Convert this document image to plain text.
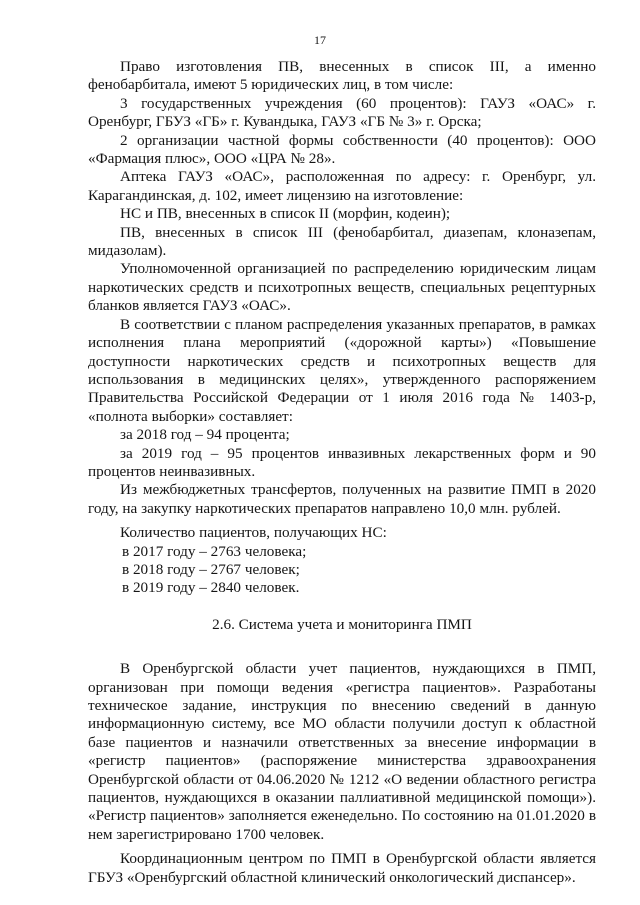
17

Право изготовления ПВ, внесенных в список III, а именно фенобарбитала, имеют 5 юридических лиц, в том числе:

3 государственных учреждения (60 процентов): ГАУЗ «ОАС» г. Оренбург, ГБУЗ «ГБ» г. Кувандыка, ГАУЗ «ГБ № 3» г. Орска;

2 организации частной формы собственности (40 процентов): ООО «Фармация плюс», ООО «ЦРА № 28».

Аптека ГАУЗ «ОАС», расположенная по адресу: г. Оренбург, ул. Карагандинская, д. 102, имеет лицензию на изготовление:

НС и ПВ, внесенных в список II (морфин, кодеин);

ПВ, внесенных в список III (фенобарбитал, диазепам, клоназепам, мидазолам).

Уполномоченной организацией по распределению юридическим лицам наркотических средств и психотропных веществ, специальных рецептурных бланков является ГАУЗ «ОАС».

В соответствии с планом распределения указанных препаратов, в рамках исполнения плана мероприятий («дорожной карты») «Повышение доступности наркотических средств и психотропных веществ для использования в медицинских целях», утвержденного распоряжением Правительства Российской Федерации от 1 июля 2016 года № 1403-р, «полнота выборки» составляет:

за 2018 год – 94 процента;

за 2019 год – 95 процентов инвазивных лекарственных форм и 90 процентов неинвазивных.

Из межбюджетных трансфертов, полученных на развитие ПМП в 2020 году, на закупку наркотических препаратов направлено 10,0 млн. рублей.

Количество пациентов, получающих НС:

в 2017 году – 2763 человека;

в 2018 году – 2767 человек;

в 2019 году – 2840 человек.

2.6. Система учета и мониторинга ПМП

В Оренбургской области учет пациентов, нуждающихся в ПМП, организован при помощи ведения «регистра пациентов». Разработаны техническое задание, инструкция по внесению сведений в данную информационную систему, все МО области получили доступ к областной базе пациентов и назначили ответственных за внесение информации в «регистр пациентов» (распоряжение министерства здравоохранения Оренбургской области от 04.06.2020 № 1212 «О ведении областного регистра пациентов, нуждающихся в оказании паллиативной медицинской помощи»). «Регистр пациентов» заполняется еженедельно. По состоянию на 01.01.2020 в нем зарегистрировано 1700 человек.

Координационным центром по ПМП в Оренбургской области является ГБУЗ «Оренбургский областной клинический онкологический диспансер».
